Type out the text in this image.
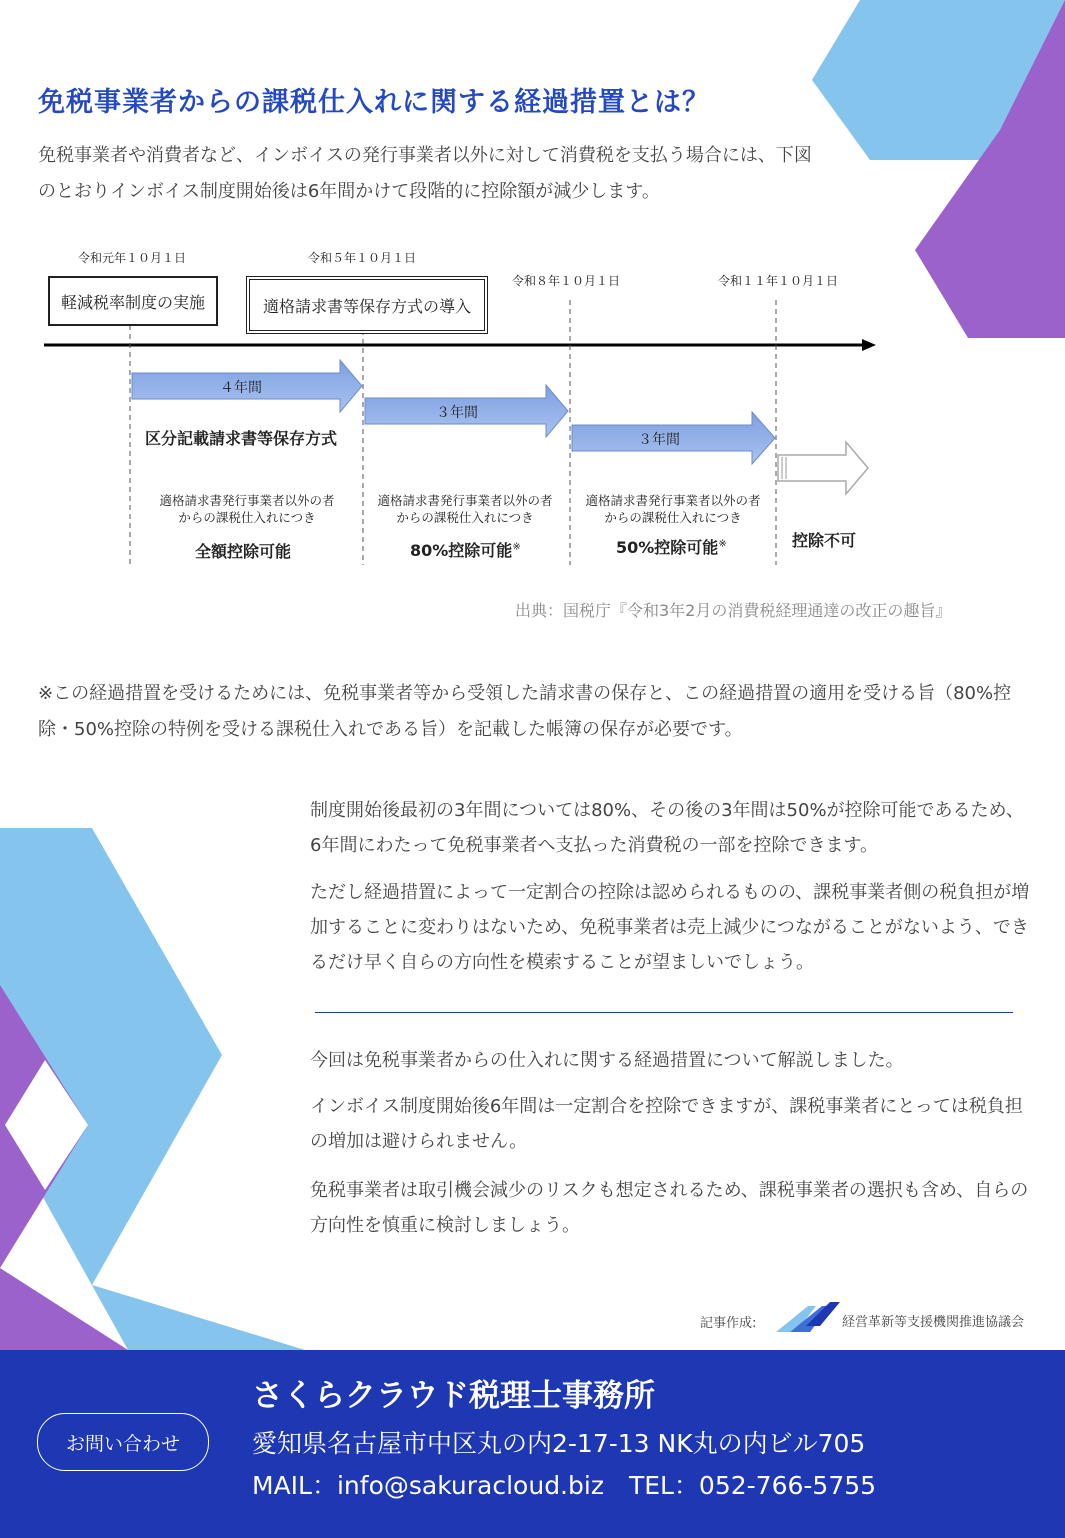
免税事業者からの課税仕入れに関する経過措置とは？
免税事業者や消費者など、インボイスの発行事業者以外に対して消費税を支払う場合には、下図 のとおりインボイス制度開始後は6年間かけて段階的に控除額が減少します。
令和元年１０月１日	令和５年１０月１日
令和８年１０月１日	令和１１年１０月１日
軽減税率制度の実施	適格請求書等保存方式の導入
４年間
３年間
３年間
区分記載請求書等保存方式
適格請求書発行事業者以外の者
からの課税仕入れにつき
適格請求書発行事業者以外の者
からの課税仕入れにつき
適格請求書発行事業者以外の者
からの課税仕入れにつき
全額控除可能	80%控除可能※	50%控除可能※	控除不可
出典：国税庁『令和3年2月の消費税経理通達の改正の趣旨』
※この経過措置を受けるためには、免税事業者等から受領した請求書の保存と、この経過措置の適用を受ける旨（80%控除・50%控除の特例を受ける課税仕入れである旨）を記載した帳簿の保存が必要です。
制度開始後最初の3年間については80%、その後の3年間は50%が控除可能であるため、6年間にわたって免税事業者へ支払った消費税の一部を控除できます。
ただし経過措置によって一定割合の控除は認められるものの、課税事業者側の税負担が増加することに変わりはないため、免税事業者は売上減少につながることがないよう、できるだけ早く自らの方向性を模索することが望ましいでしょう。
今回は免税事業者からの仕入れに関する経過措置について解説しました。
インボイス制度開始後6年間は一定割合を控除できますが、課税事業者にとっては税負担の増加は避けられません。
免税事業者は取引機会減少のリスクも想定されるため、課税事業者の選択も含め、自らの方向性を慎重に検討しましょう。
記事作成:	経営革新等支援機関推進協議会
お問い合わせ
さくらクラウド税理士事務所
愛知県名古屋市中区丸の内2-17-13 NK丸の内ビル705
MAIL：info@sakuracloud.biz　TEL：052-766-5755
